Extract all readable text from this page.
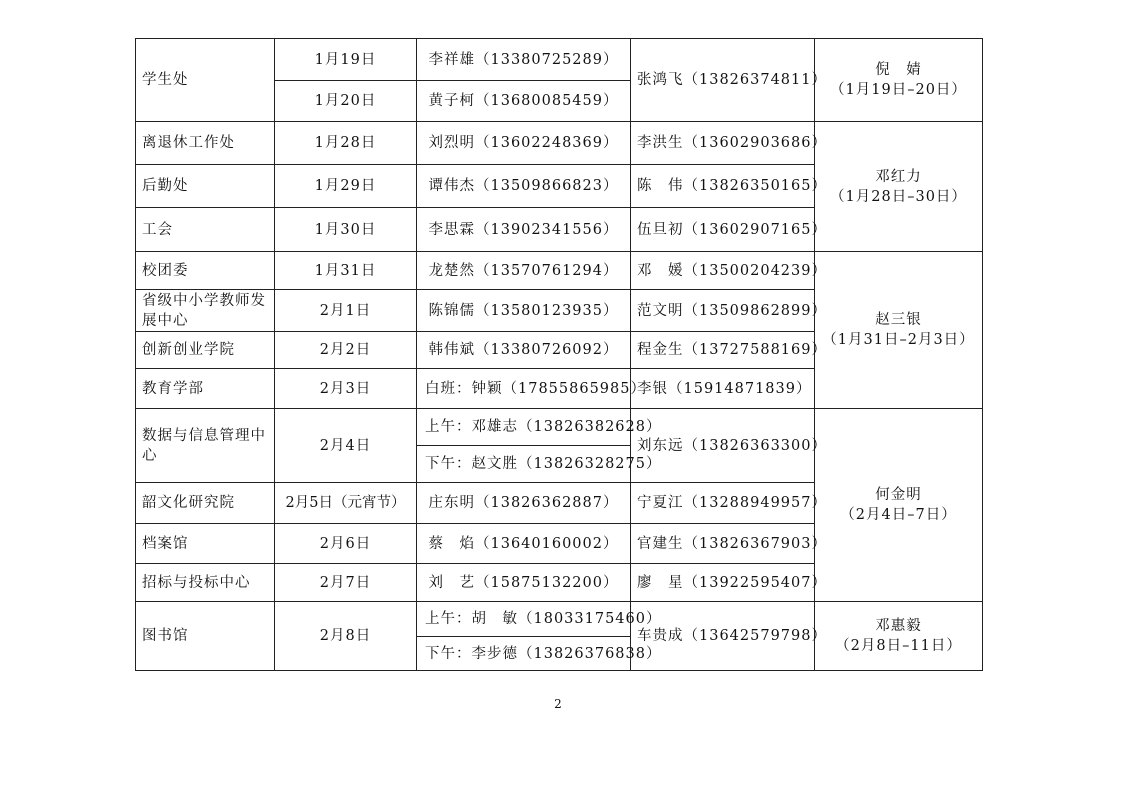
学生处	1月19日	李祥雄（13380725289）	张鸿飞（13826374811）	倪　婧
（1月19日–20日）

	1月20日	黄子柯（13680085459）		
离退休工作处	1月28日	刘烈明（13602248369）	李洪生（13602903686）	邓红力
（1月28日–30日）

后勤处	1月29日	谭伟杰（13509866823）	陈　伟（13826350165）	
工会	1月30日	李思霖（13902341556）	伍旦初（13602907165）	
校团委	1月31日	龙楚然（13570761294）	邓　媛（13500204239）	赵三银
（1月31日–2月3日）

省级中小学教师发展中心	2月1日	陈锦儒（13580123935）	范文明（13509862899）	
创新创业学院	2月2日	韩伟斌（13380726092）	程金生（13727588169）	
教育学部	2月3日	白班：钟颖（17855865985）	李银（15914871839）	
数据与信息管理中心	2月4日	上午：邓雄志（13826382628）	刘东远（13826363300）	何金明
（2月4日–7日）

		下午：赵文胜（13826328275）		
韶文化研究院	2月5日（元宵节）	庄东明（13826362887）	宁夏江（13288949957）	
档案馆	2月6日	蔡　焰（13640160002）	官建生（13826367903）	
招标与投标中心	2月7日	刘　艺（15875132200）	廖　星（13922595407）	
图书馆	2月8日	上午：胡　敏（18033175460）	车贵成（13642579798）	邓惠毅
（2月8日–11日）

		下午：李步德（13826376838）		
2
